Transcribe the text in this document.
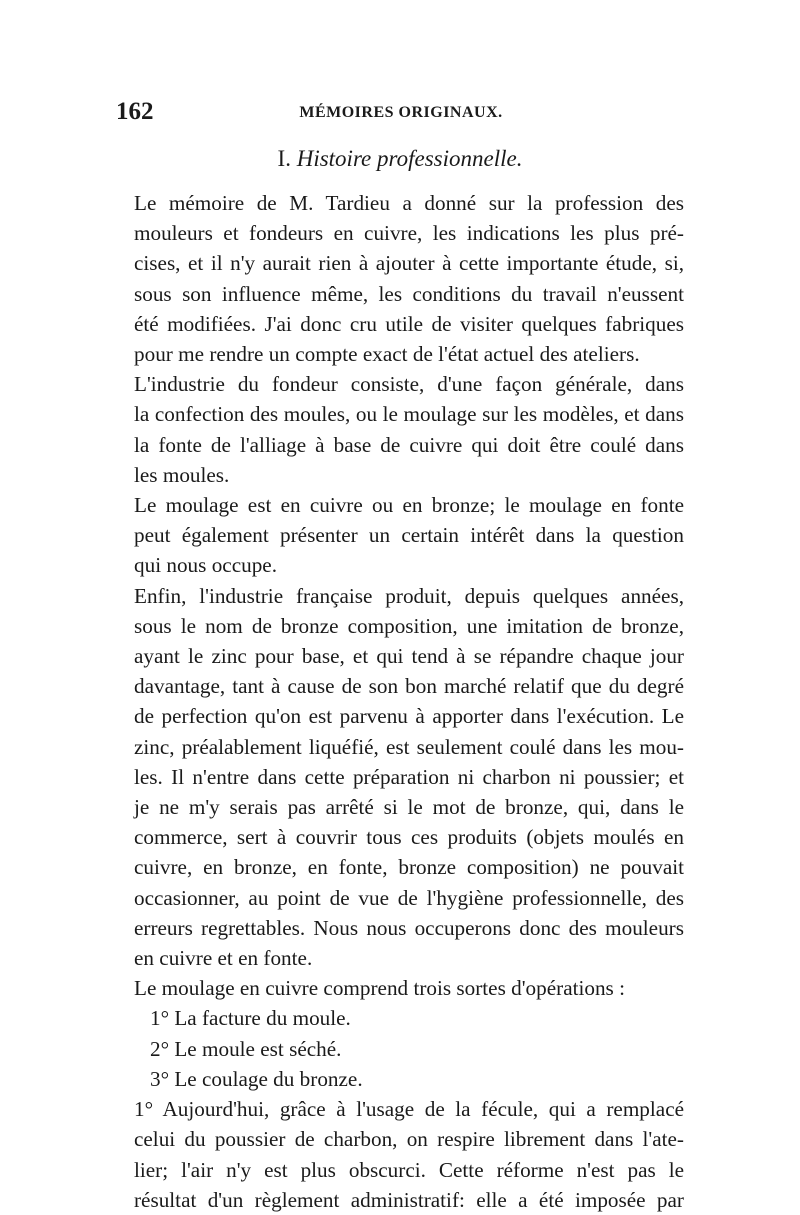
162	MÉMOIRES ORIGINAUX.
I. Histoire professionnelle.
Le mémoire de M. Tardieu a donné sur la profession des
mouleurs et fondeurs en cuivre, les indications les plus pré-
cises, et il n'y aurait rien à ajouter à cette importante étude, si,
sous son influence même, les conditions du travail n'eussent
été modifiées. J'ai donc cru utile de visiter quelques fabriques
pour me rendre un compte exact de l'état actuel des ateliers.
L'industrie du fondeur consiste, d'une façon générale, dans
la confection des moules, ou le moulage sur les modèles, et dans
la fonte de l'alliage à base de cuivre qui doit être coulé dans
les moules.
Le moulage est en cuivre ou en bronze; le moulage en fonte
peut également présenter un certain intérêt dans la question
qui nous occupe.
Enfin, l'industrie française produit, depuis quelques années,
sous le nom de bronze composition, une imitation de bronze,
ayant le zinc pour base, et qui tend à se répandre chaque jour
davantage, tant à cause de son bon marché relatif que du degré
de perfection qu'on est parvenu à apporter dans l'exécution. Le
zinc, préalablement liquéfié, est seulement coulé dans les mou-
les. Il n'entre dans cette préparation ni charbon ni poussier; et
je ne m'y serais pas arrêté si le mot de bronze, qui, dans le
commerce, sert à couvrir tous ces produits (objets moulés en
cuivre, en bronze, en fonte, bronze composition) ne pouvait
occasionner, au point de vue de l'hygiène professionnelle, des
erreurs regrettables. Nous nous occuperons donc des mouleurs
en cuivre et en fonte.
Le moulage en cuivre comprend trois sortes d'opérations :
1° La facture du moule.
2° Le moule est séché.
3° Le coulage du bronze.
1° Aujourd'hui, grâce à l'usage de la fécule, qui a remplacé
celui du poussier de charbon, on respire librement dans l'ate-
lier; l'air n'y est plus obscurci. Cette réforme n'est pas le
résultat d'un règlement administratif: elle a été imposée par
